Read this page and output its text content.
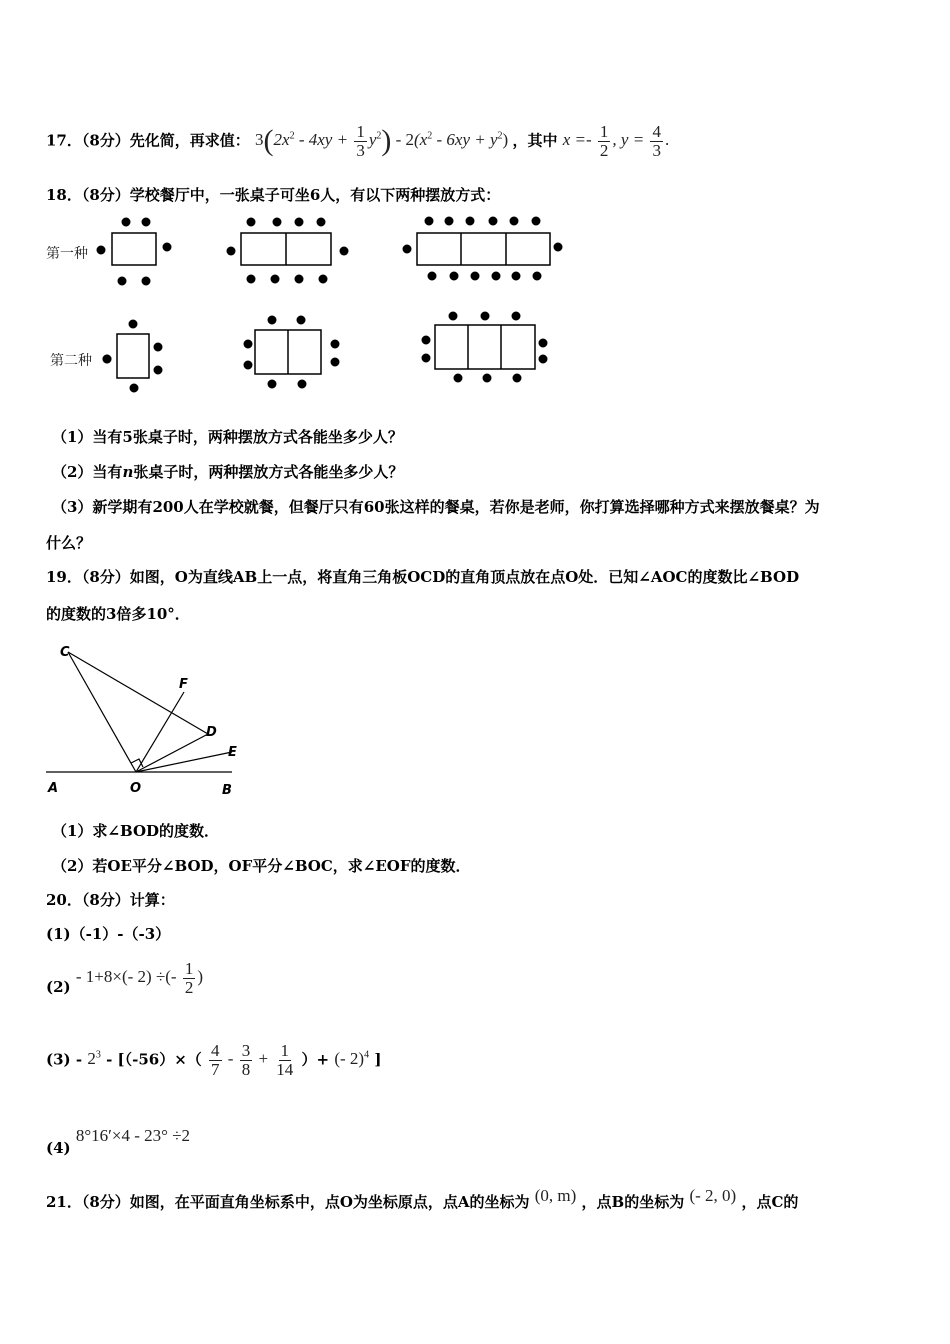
17．（8分）先化简，再求值： $3(2x^2 - 4xy + \frac{1}{3} y^2) - 2(x^2 - 6xy + y^2)$ ，其中 $x =- \frac{1}{2}$ , $y = \frac{4}{3}$ .
18．（8分）学校餐厅中，一张桌子可坐6人，有以下两种摆放方式：
第一种
第二种
（1）当有5张桌子时，两种摆放方式各能坐多少人？
（2）当有n张桌子时，两种摆放方式各能坐多少人？
（3）新学期有200人在学校就餐，但餐厅只有60张这样的餐桌，若你是老师，你打算选择哪种方式来摆放餐桌？为
什么？
19．（8分）如图，O为直线AB上一点，将直角三角板OCD的直角顶点放在点O处．已知∠AOC的度数比∠BOD
的度数的3倍多10°．
C
F
D
E
A	O	B
（1）求∠BOD的度数．
（2）若OE平分∠BOD，OF平分∠BOC，求∠EOF的度数．
20．（8分）计算：
(1)（-1）-（-3）
(2) - 1+8×(- 2) ÷(- $\frac{1}{2}$ )
$(3) - 2^3 - [(-56)\times( \frac{4}{7} - \frac{3}{8} + \frac{1}{14}$ ）+ (- 2)$^4$ ]
(4) 8°16′×4 - 23° ÷2
21．（8分）如图，在平面直角坐标系中，点O为坐标原点，点A的坐标为 (0, m) ，点B的坐标为 (- 2, 0) ，点C的
